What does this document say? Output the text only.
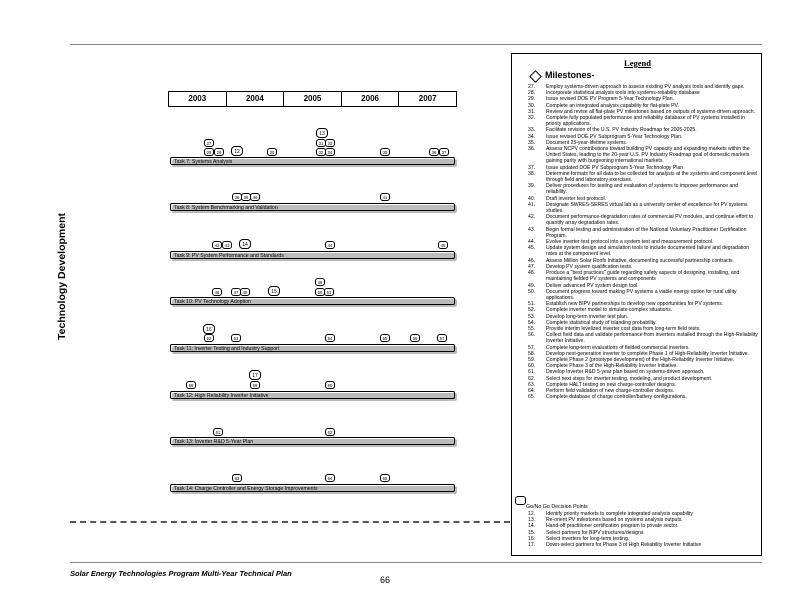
Technology Development
2003	2004	2005	2006	2007
Task 7: Systems Analysis
27
28	29	12	30
13
31
32
33
34	35	36	37
Task 8: System Benchmarking and Validation
38	39	40	41
Task 9: PV System Performance and Standards
42	43	14	44	45
Task 10: PV Technology Adoption
46	47	48	15
49
50	51
Task 11: Inverter Testing and Industry Support
16
52	53	54	55	56	57
Task 12: High Reliability Inverter Initiative
58
17
59	60
Task 13: Inverter R&D 5-Year Plan
61	62
Task 14: Charge Controller and Energy Storage Improvements
63	64	65
Legend
Milestones-
27.	Employ systems-driven approach to assess existing PV analysis tools and identify gaps.
28.	Incorporate statistical analysis tools into systems-reliability database
29.	Issue revised DOE PV Program 5-Year Technology Plan.
30.	Complete an integrated analysis capability for flat-plate PV.
31.	Review and revise all flat-plate PV milestones based on outputs of systems-driven approach.
32.	Complete fully populated performance and reliability database of PV systems installed in priority applications.
33.	Facilitate revision of the U.S. PV Industry Roadmap for 2005-2025.
34.	Issue revised DOE PV Subprogram 5-Year Technology Plan.
35.	Document 25-year-lifetime systems.
36.	Assess NCPV contributions toward building PV capacity and expanding markets within the United States, leading to the 20-year U.S. PV Industry Roadmap goal of domestic markets gaining parity with burgeoning international markets.
37.	Issue updated DOE PV Subprogram 5-Year Technology Plan
38.	Determine formats for all data to be collected for analysis at the systems and component level through field and laboratory exercises.
39.	Deliver procedures for testing and evaluation of systems to improve performance and reliability.
40.	Draft inverter test protocol.
41.	Designate SWRES-SERES virtual lab as a university center of excellence for PV systems studies.
42.	Document performance-degradation rates of commercial PV modules, and continue effort to quantify array degradation rates.
43.	Begin formal testing and administration of the National Voluntary Practitioner Certification Program.
44.	Evolve inverter test protocol into a system test and measurement protocol.
45.	Update system design and simulation tools to include documented failure and degradation rates at the component level.
46.	Assess Million Solar Roofs Initiative, documenting successful partnership contracts.
47.	Develop PV system qualification tests.
48.	Produce a "best practices" guide regarding safety aspects of designing, installing, and maintaining fielded PV systems and components
49.	Deliver advanced PV system design tool.
50.	Document progress toward making PV systems a viable energy option for rural utility applications.
51.	Establish new BIPV partnerships to develop new opportunities for PV systems.
52.	Complete inverter model to simulate complex situations.
53.	Develop long-term inverter test plan.
54.	Complete statistical study of islanding probability.
55.	Provide interim levelized inverter cost data from long-term field tests.
56.	Collect field data and validate performance from inverters installed through the High-Reliability Inverter Initiative.
57.	Complete long-term evaluations of fielded commercial inverters.
58.	Develop next-generation inverter to complete Phase 1 of High-Reliability Inverter Initiative.
59.	Complete Phase 2 (prototype development) of the High-Reliability Inverter Initiative.
60.	Complete Phase 3 of the High-Reliability Inverter Initiative.
61.	Develop Inverter R&D 5-year plan based on systems-driven approach.
62.	Select next steps for inverter testing, modeling, and product development.
63.	Complete HALT testing on new charge-controller designs.
64.	Perform field validation of new charge-controller designs.
65.	Complete database of charge controller/battery configurations.
Go/No Go Decision Points
12.	Identify priority markets to complete integrated analysis capability
13.	Re-orient PV milestones based on systems analysis outputs.
14.	Hand-off practitioner certification program to private sector.
15.	Select partners for BIPV structures/designs
16.	Select inverters for long-term testing.
17.	Down-select partners for Phase 3 of High Reliability Inverter Initiative
Solar Energy Technologies Program Multi-Year Technical Plan
66
